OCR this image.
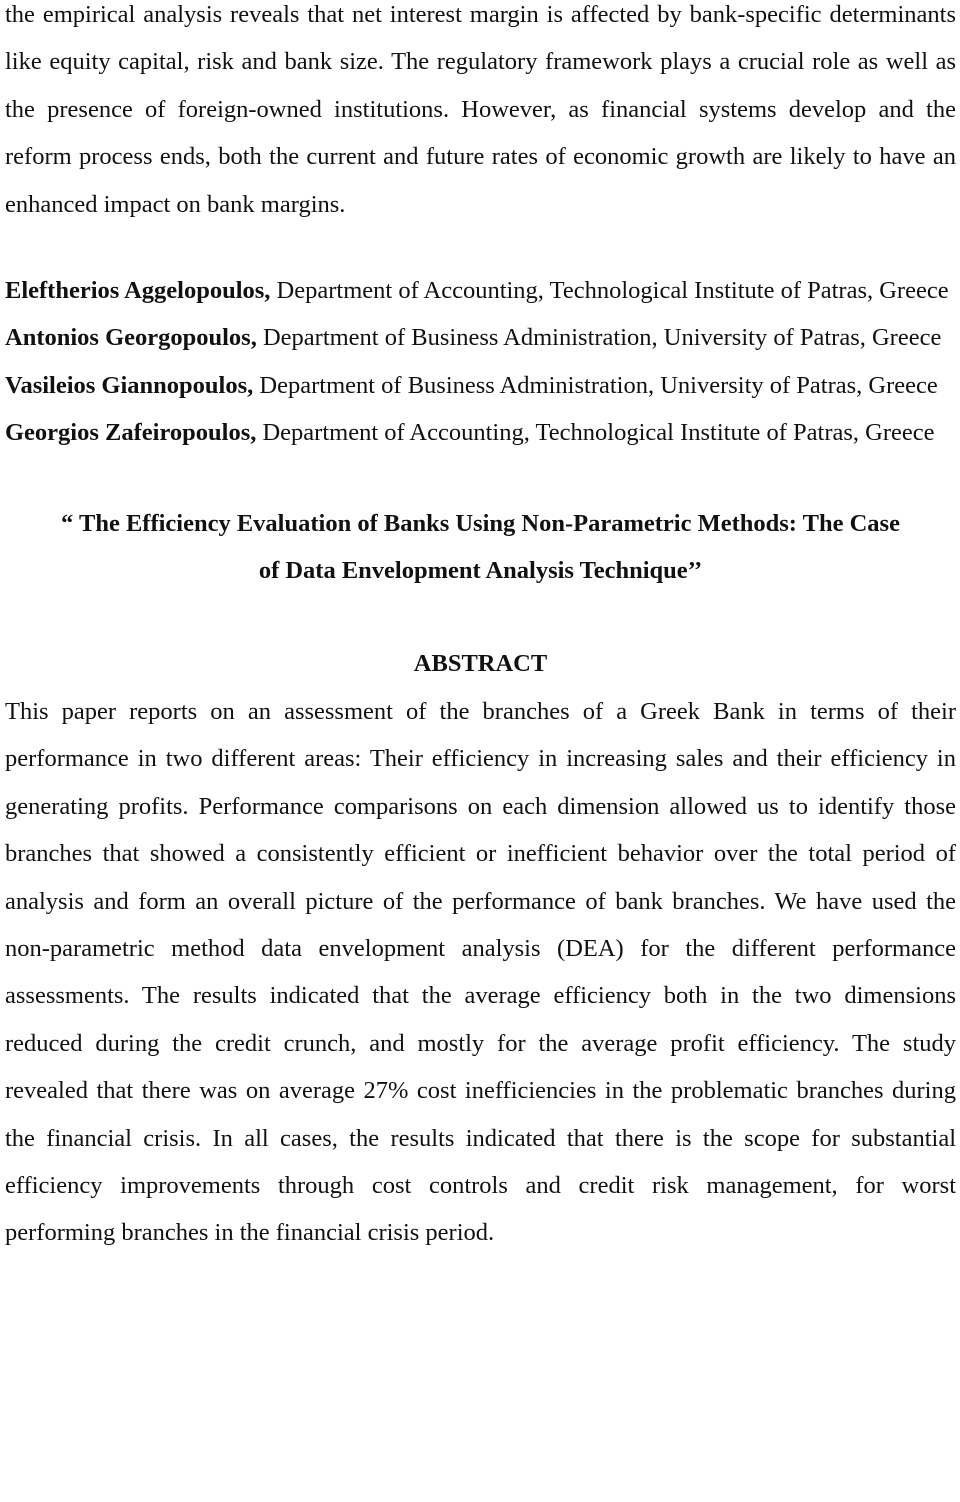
the empirical analysis reveals that net interest margin is affected by bank-specific determinants like equity capital, risk and bank size. The regulatory framework plays a crucial role as well as the presence of foreign-owned institutions. However, as financial systems develop and the reform process ends, both the current and future rates of economic growth are likely to have an enhanced impact on bank margins.

Eleftherios Aggelopoulos, Department of Accounting, Technological Institute of Patras, Greece

Antonios Georgopoulos, Department of Business Administration, University of Patras, Greece

Vasileios Giannopoulos, Department of Business Administration, University of Patras, Greece

Georgios Zafeiropoulos, Department of Accounting, Technological Institute of Patras, Greece

“ The Efficiency Evaluation of Banks Using Non-Parametric Methods: The Case
of Data Envelopment Analysis Technique’’
ABSTRACT

This paper reports on an assessment of the branches of a Greek Bank in terms of their performance in two different areas: Their efficiency in increasing sales and their efficiency in generating profits. Performance comparisons on each dimension allowed us to identify those branches that showed a consistently efficient or inefficient behavior over the total period of analysis and form an overall picture of the performance of bank branches. We have used the non-parametric method data envelopment analysis (DEA) for the different performance assessments. The results indicated that the average efficiency both in the two dimensions reduced during the credit crunch, and mostly for the average profit efficiency. The study revealed that there was on average 27% cost inefficiencies in the problematic branches during the financial crisis. In all cases, the results indicated that there is the scope for substantial efficiency improvements through cost controls and credit risk management, for worst performing branches in the financial crisis period.
